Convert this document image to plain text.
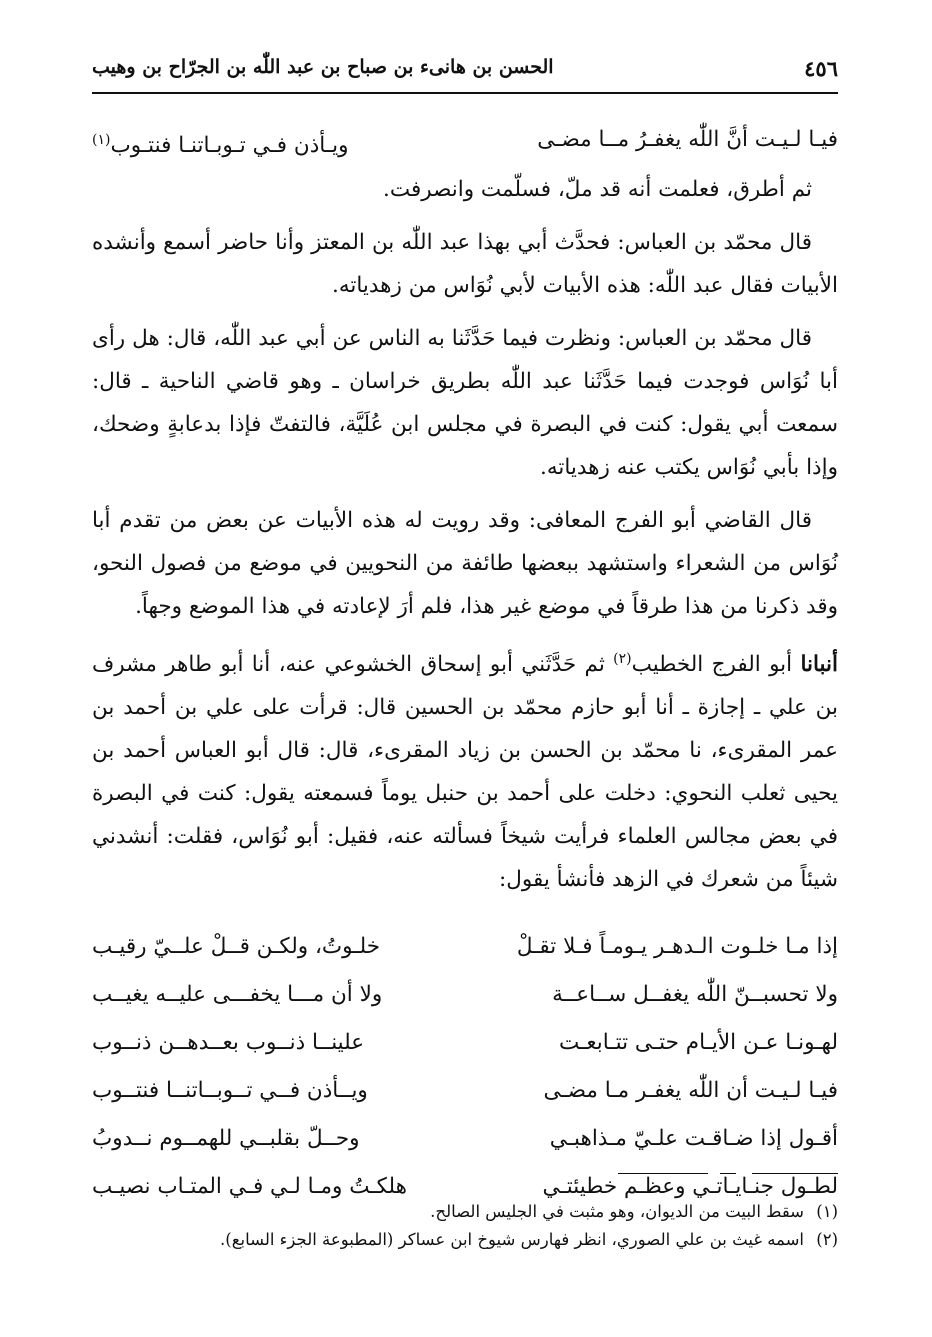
٤٥٦
الحسن بن هانىء بن صباح بن عبد اللّٰه بن الجرّاح بن وهيب
فيـا لـيـت أنَّ اللّٰه يغفـرُ مــا مضـى
ويـأذن فـي تـوبـاتنـا فنتـوب$^{(١)}$

ثم أطرق، فعلمت أنه قد ملّ، فسلّمت وانصرفت.

قال محمّد بن العباس: فحدَّث أبي بهذا عبد اللّٰه بن المعتز وأنا حاضر أسمع وأنشده الأبيات فقال عبد اللّٰه: هذه الأبيات لأبي نُوَاس من زهدياته.

قال محمّد بن العباس: ونظرت فيما حَدَّثَنا به الناس عن أبي عبد اللّٰه، قال: هل رأى أبا نُوَاس فوجدت فيما حَدَّثَنا عبد اللّٰه بطريق خراسان ـ وهو قاضي الناحية ـ قال: سمعت أبي يقول: كنت في البصرة في مجلس ابن عُلَيَّة، فالتفتّ فإذا بدعابةٍ وضحك، وإذا بأبي نُوَاس يكتب عنه زهدياته.

قال القاضي أبو الفرج المعافى: وقد رويت له هذه الأبيات عن بعض من تقدم أبا نُوَاس من الشعراء واستشهد ببعضها طائفة من النحويين في موضع من فصول النحو، وقد ذكرنا من هذا طرقاً في موضع غير هذا، فلم أرَ لإعادته في هذا الموضع وجهاً.

أنبانا أبو الفرج الخطيب$^{(٢)}$ ثم حَدَّثَني أبو إسحاق الخشوعي عنه، أنا أبو طاهر مشرف بن علي ـ إجازة ـ أنا أبو حازم محمّد بن الحسين قال: قرأت على علي بن أحمد بن عمر المقرىء، نا محمّد بن الحسن بن زياد المقرىء، قال: قال أبو العباس أحمد بن يحيى ثعلب النحوي: دخلت على أحمد بن حنبل يوماً فسمعته يقول: كنت في البصرة في بعض مجالس العلماء فرأيت شيخاً فسألته عنه، فقيل: أبو نُوَاس، فقلت: أنشدني شيئاً من شعرك في الزهد فأنشأ يقول:

إذا مـا خلـوت الـدهـر يـومـاً فـلا تقـلْ
خلـوتُ، ولكـن قــلْ علــيّ رقيـب
ولا تحسبــنّ اللّٰه يغفــل ســاعــة
ولا أن مـــا يخفـــى عليــه يغيــب
لهـونـا عـن الأيـام حتـى تتـابعـت
علينــا ذنــوب بعــدهــن ذنــوب
فيـا لـيـت أن اللّٰه يغفـر مـا مضـى
ويــأذن فــي تــوبــاتنــا فنتــوب
أقـول إذا ضـاقـت علـيّ مـذاهبـي
وحــلّ بقلبــي للهمــوم نــدوبُ
لطـول جنـايـاتـي وعظـم خطيئتـي
هلكـتُ ومـا لـي فـي المتـاب نصيـب
(١)سقط البيت من الديوان، وهو مثبت في الجليس الصالح.
(٢)اسمه غيث بن علي الصوري، انظر فهارس شيوخ ابن عساكر (المطبوعة الجزء السابع).
